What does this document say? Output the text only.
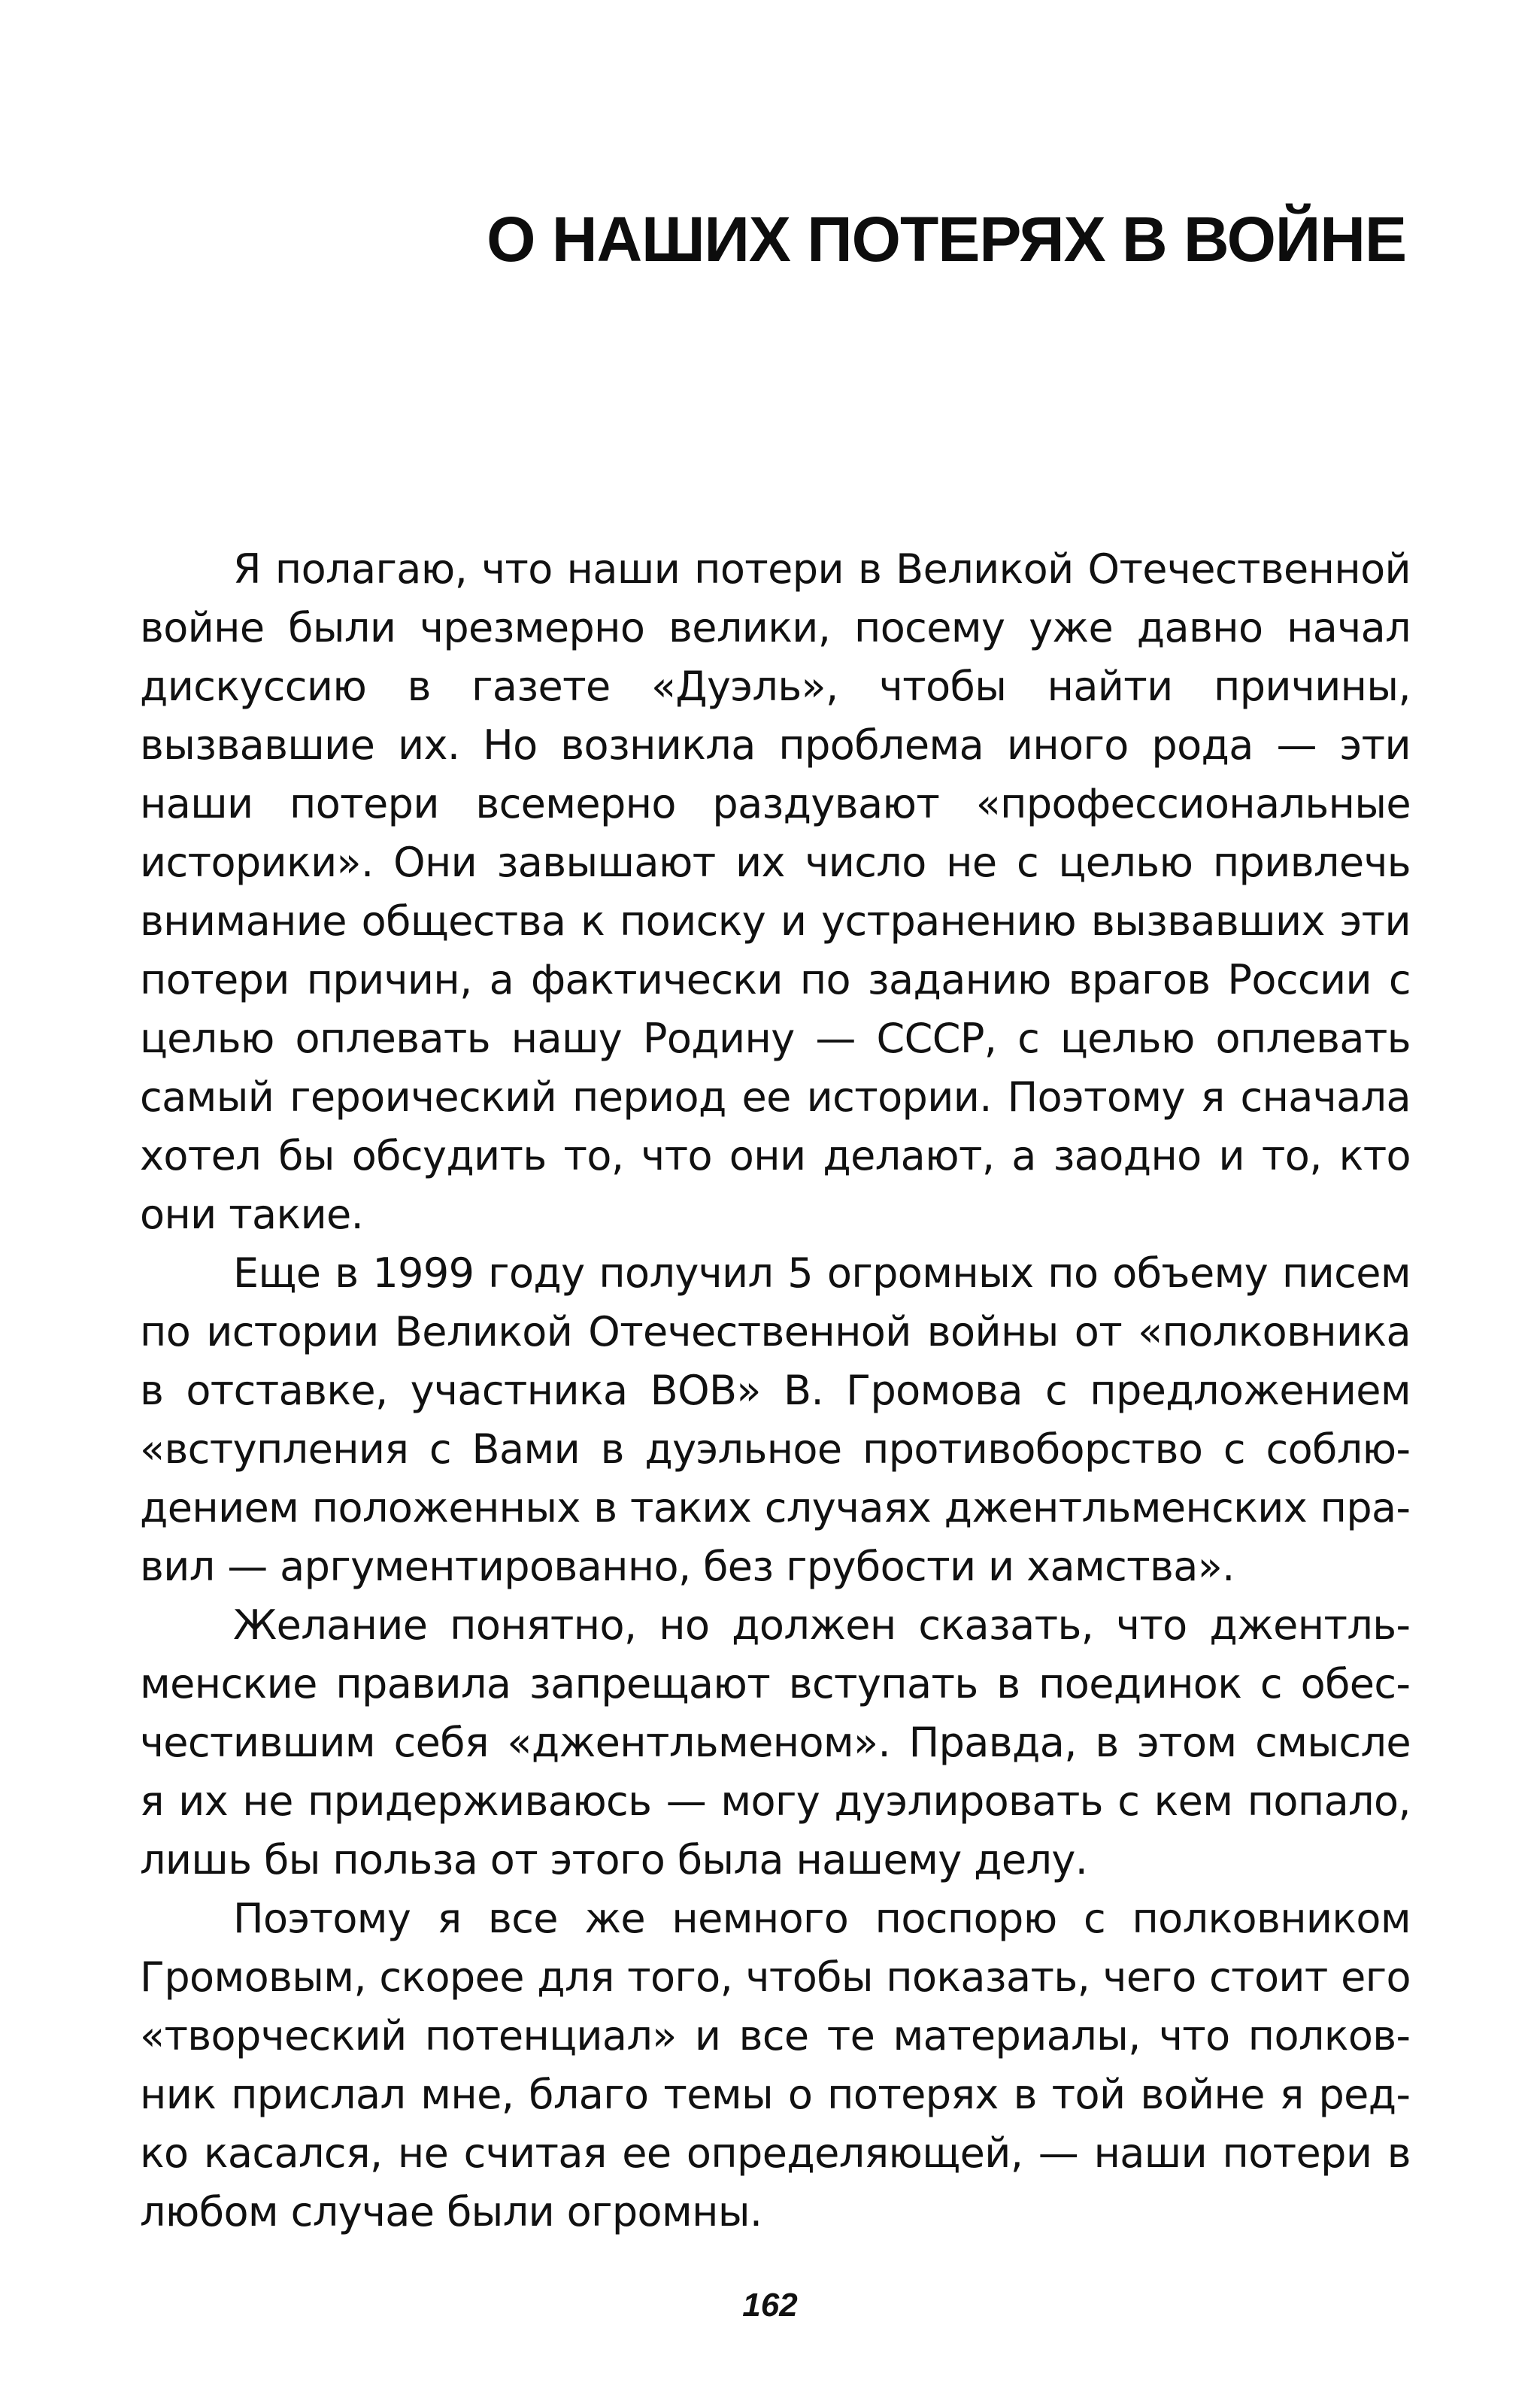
О НАШИХ ПОТЕРЯХ В ВОЙНЕ

Я полагаю, что наши потери в Великой Отечественной войне были чрезмерно велики, посему уже давно начал дискуссию в газете «Дуэль», чтобы найти причины, вызвавшие их. Но возникла проблема иного рода — эти наши потери всемерно раздувают «профессиональные историки». Они завышают их число не с целью привлечь внимание общества к поиску и устранению вызвавших эти потери причин, а фактически по заданию врагов России с целью оплевать нашу Родину — СССР, с целью оплевать самый героический период ее истории. Поэтому я сначала хотел бы обсудить то, что они делают, а заодно и то, кто они такие.

Еще в 1999 году получил 5 огромных по объему писем по истории Великой Отечественной войны от «полковника в отставке, участника ВОВ» В. Громова с предложением «вступления с Вами в дуэльное противоборство с соблюдением положенных в таких случаях джентльменских правил — аргументированно, без грубости и хамства».

Желание понятно, но должен сказать, что джентльменские правила запрещают вступать в поединок с обесчестившим себя «джентльменом». Правда, в этом смысле я их не придерживаюсь — могу дуэлировать с кем попало, лишь бы польза от этого была нашему делу.

Поэтому я все же немного поспорю с полковником Громовым, скорее для того, чтобы показать, чего стоит его «творческий потенциал» и все те материалы, что полковник прислал мне, благо темы о потерях в той войне я редко касался, не считая ее определяющей, — наши потери в любом случае были огромны.

162
